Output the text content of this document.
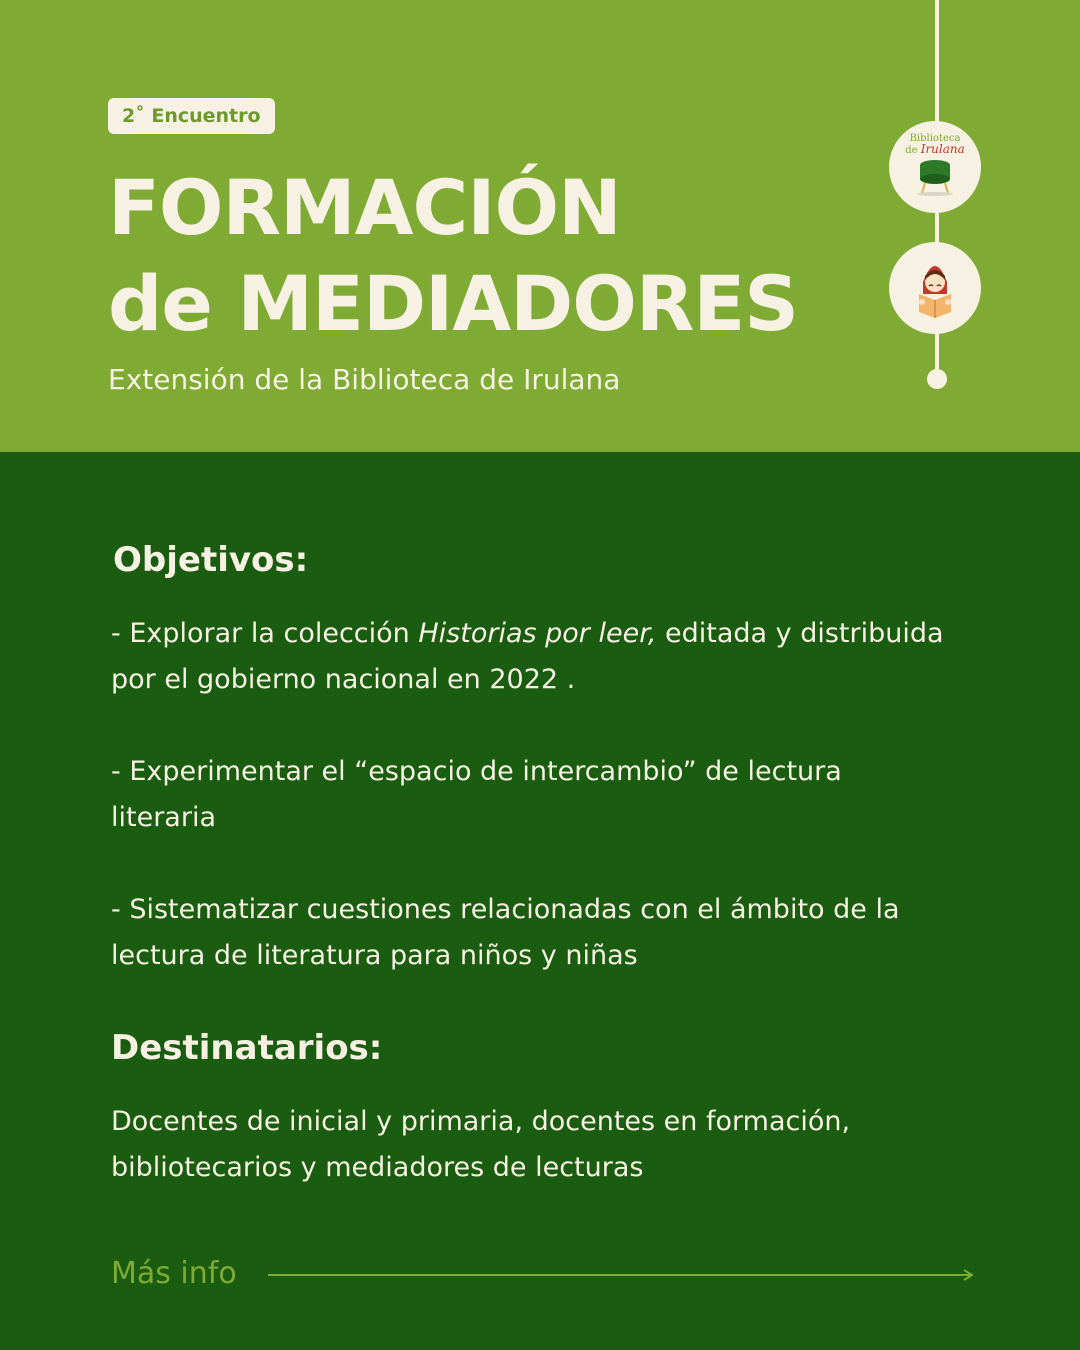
2˚ Encuentro
FORMACIÓN
de MEDIADORES
Extensión de la Biblioteca de Irulana
Biblioteca
de Irulana
Objetivos:

- Explorar la colección Historias por leer, editada y distribuida por el gobierno nacional en 2022 .

- Experimentar el “espacio de intercambio” de lectura literaria

- Sistematizar cuestiones relacionadas con el ámbito de la lectura de literatura para niños y niñas

Destinatarios:

Docentes de inicial y primaria, docentes en formación, bibliotecarios y mediadores de lecturas

Más info
